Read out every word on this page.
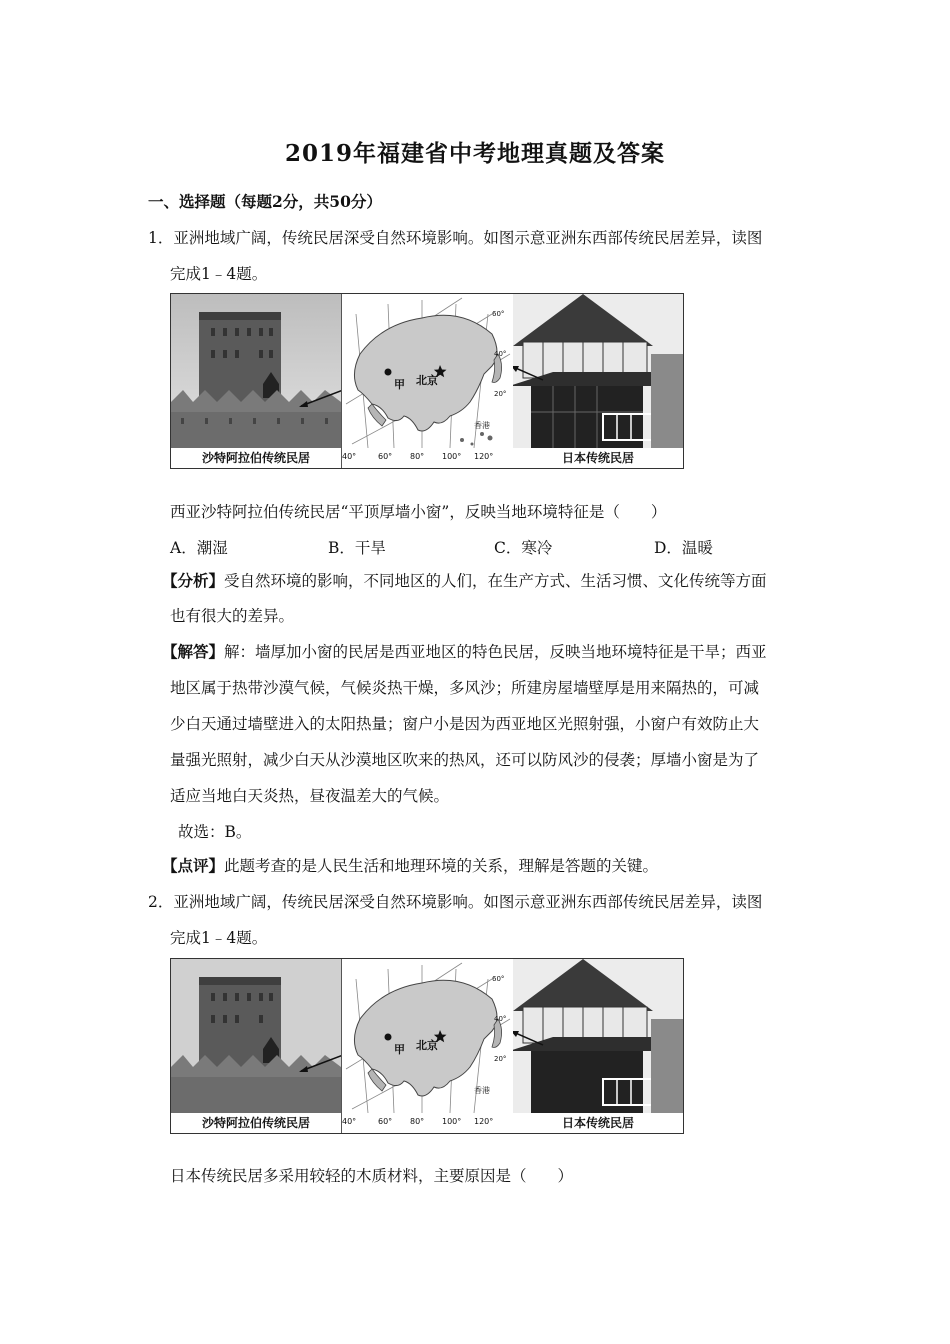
2019年福建省中考地理真题及答案
一、选择题（每题2分，共50分）
1．亚洲地域广阔，传统民居深受自然环境影响。如图示意亚洲东西部传统民居差异，读图
完成1﹣4题。
沙特阿拉伯传统民居
甲 北京
香港
60°
40°
20°
40°	60° 80° 100° 120°	日本传统民居
西亚沙特阿拉伯传统民居“平顶厚墙小窗”，反映当地环境特征是（　　）
A．潮湿	B．干旱	C．寒冷	D．温暖
【分析】受自然环境的影响，不同地区的人们，在生产方式、生活习惯、文化传统等方面
也有很大的差异。
【解答】解：墙厚加小窗的民居是西亚地区的特色民居，反映当地环境特征是干旱；西亚
地区属于热带沙漠气候，气候炎热干燥，多风沙；所建房屋墙壁厚是用来隔热的，可减
少白天通过墙壁进入的太阳热量；窗户小是因为西亚地区光照射强，小窗户有效防止大
量强光照射，减少白天从沙漠地区吹来的热风，还可以防风沙的侵袭；厚墙小窗是为了
适应当地白天炎热，昼夜温差大的气候。
故选：B。
【点评】此题考查的是人民生活和地理环境的关系，理解是答题的关键。
2．亚洲地域广阔，传统民居深受自然环境影响。如图示意亚洲东西部传统民居差异，读图
完成1﹣4题。
沙特阿拉伯传统民居
甲 北京
香港
60°
40°
20°
40°	60° 80° 100° 120°	日本传统民居
日本传统民居多采用较轻的木质材料，主要原因是（　　）
